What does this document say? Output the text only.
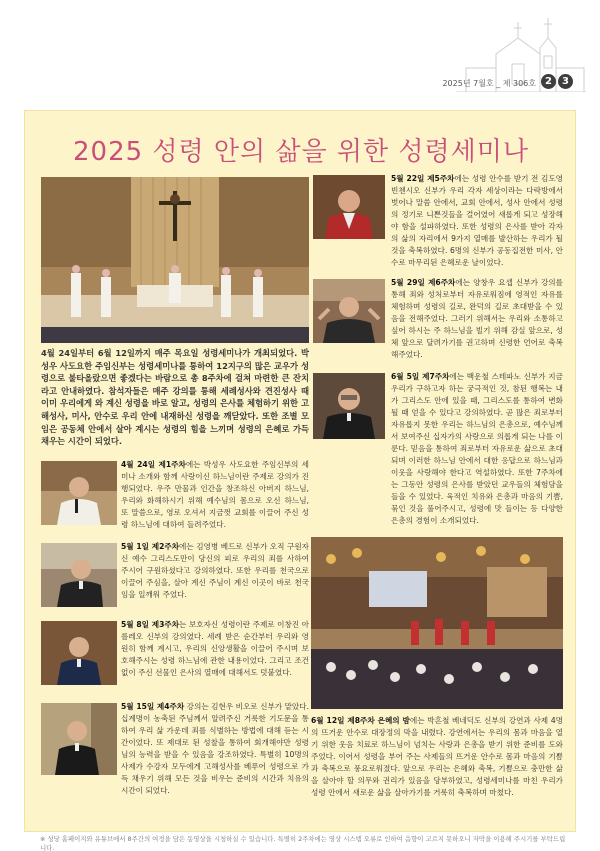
2025년 7월호 _ 제 306호 2	3
2025 성령 안의 삶을 위한 성령세미나
4월 24일부터 6월 12일까지 매주 목요일 성령세미나가 개최되었다. 박성우 사도요한 주임신부는 성령세미나를 통하여 12지구의 많은 교우가 성령으로 불타올랐으면 좋겠다는 바람으로 총 8주차에 걸쳐 마련한 큰 잔치라고 안내하였다. 참석자들은 매주 강의를 통해 세례성사와 견진성사 때 이미 우리에게 와 계신 성령을 바로 알고, 성령의 은사를 체험하기 위한 고해성사, 미사, 안수로 우리 안에 내재하신 성령을 깨닫았다. 또한 조별 모임은 공동체 안에서 살아 계시는 성령의 힘을 느끼며 성령의 은혜로 가득 채우는 시간이 되었다.
4월 24일 제1주차에는 박성우 사도요한 주임신부의 세미나 소개와 함께 사랑이신 하느님이란 주제로 강의가 진행되었다. 우주 만물과 인간을 창조하신 아버지 하느님, 우리와 화해하시기 위해 예수님의 몸으로 오신 하느님, 또 말씀으로, 영로 오셔서 지금껏 교회를 이끌어 주신 성령 하느님에 대하여 들려주었다.
5월 1일 제2주차에는 김영병 베드로 신부가 오직 구원자신 예수 그리스도만이 당신의 피로 우리의 죄를 사하여 주시어 구원하셨다고 강의하였다. 또한 우리를 천국으로 이끌어 주심을, 살아 계신 주님이 계신 이곳이 바로 천국임을 일깨워 주었다.
5월 8일 제3주차는 보호자신 성령이란 주제로 이창진 아를레오 신부의 강의였다. 세례 받은 순간부터 우리와 영원히 함께 계시고, 우리의 신앙생활을 이끌어 주시며 보호해주시는 성령 하느님에 관한 내용이었다. 그리고 조건 없이 주신 선물인 은사의 열매에 대해서도 덧붙였다.
5월 15일 제4주차 강의는 김현우 비오로 신부가 맡았다. 십계명이 농축된 주님께서 알려주신 거룩한 기도문을 통하여 우리 삶 가운데 죄를 식별하는 방법에 대해 듣는 시간이었다. 또 제대로 된 성찰을 통하여 회개해야만 성령님의 능력을 받을 수 있음을 강조하였다. 특별히 10명의 사제가 수강자 모두에게 고해성사를 베푸어 성령으로 가득 채우기 위해 모든 것을 비우는 준비의 시간과 치유의 시간이 되었다.
5월 22일 제5주차에는 성령 안수를 받기 전 김도영 빈첸시오 신부가 우리 각자 세상이라는 다락방에서 벗어나 말씀 안에서, 교회 안에서, 성사 안에서 성령의 정기로 니쁜것들을 걸어였어 새롭게 되고 성장해야 함을 설파하였다. 또한 성령의 은사를 받아 각자의 삶의 자리에서 9가지 열매를 발산하는 우리가 될 것을 축복하였다. 6명의 신부가 공동집전한 미사, 안수로 마무리된 은혜로운 날이었다.
5월 29일 제6주차에는 양창우 요셉 신부가 강의를 통해 죄와 성처로부터 자유로워짐에 영적인 자유를 체험하며 성령의 길로, 완덕의 길로 초대받을 수 있음을 전해주었다. 그러기 위해서는 우리와 소통하고 싶어 하시는 주 하느님을 빌기 위해 감실 앞으로, 성체 앞으로 달려가기를 권고하며 신령한 언어로 축복해주었다.
6월 5일 제7주차에는 백운철 스테파노 신부가 지금 우리가 구하고자 하는 궁극적인 것, 참된 행복는 내가 그리스도 안에 있을 때, 그리스도를 통하여 변화될 때 얻을 수 있다고 강의하였다. 곧 많은 죄로부터 자유롭지 못한 우리는 하느님의 은총으로, 예수님께서 보여주신 십자가의 사랑으로 의롭게 되는 나를 이룬다. 믿음을 통하여 죄로부터 자유로운 삶으로 초대되며 이러한 하느님 안에서 대한 응답으로 하느님과 이웃을 사랑해야 한다고 역설하였다. 또한 7주차에는 그동안 성령의 은사를 받았던 교우들의 체험담을 들을 수 있었다. 육적인 치유와 은총과 마음의 기쁨, 묶인 것을 풀어주시고, 성령에 맛 들이는 등 다양한 은총의 경험이 소개되었다.
6월 12일 제8주차 은혜의 밤에는 박흔철 베네딕도 신부의 강연과 사제 4명의 뜨거운 안수로 대장정의 막을 내렸다. 강연에서는 우리의 몸과 마음을 열기 위한 웃음 치료로 하느님이 넘치는 사랑과 은총을 받기 위한 준비를 도와주었다. 이어서 성령을 부어 주는 사제들의 뜨거운 안수로 몸과 마음의 기쁨과 축복으로 풍요로워졌다. 앞으로 우리는 은혜와 축복, 기쁨으로 충만한 삶을 살아야 할 의무와 권리가 있음을 당부하였고, 성령세미나를 마친 우리가 성령 안에서 새로운 삶을 살아가기를 거룩히 축복하며 마쳤다.
※ 성당 홈페이지와 유튜브에서 8주간의 여정을 담은 동영상을 시청하실 수 있습니다. 특별히 2주차에는 영상 시스템 오류로 인하여 음향이 고르지 못하오니 자막을 이용해 주시기를 부탁드립니다.
